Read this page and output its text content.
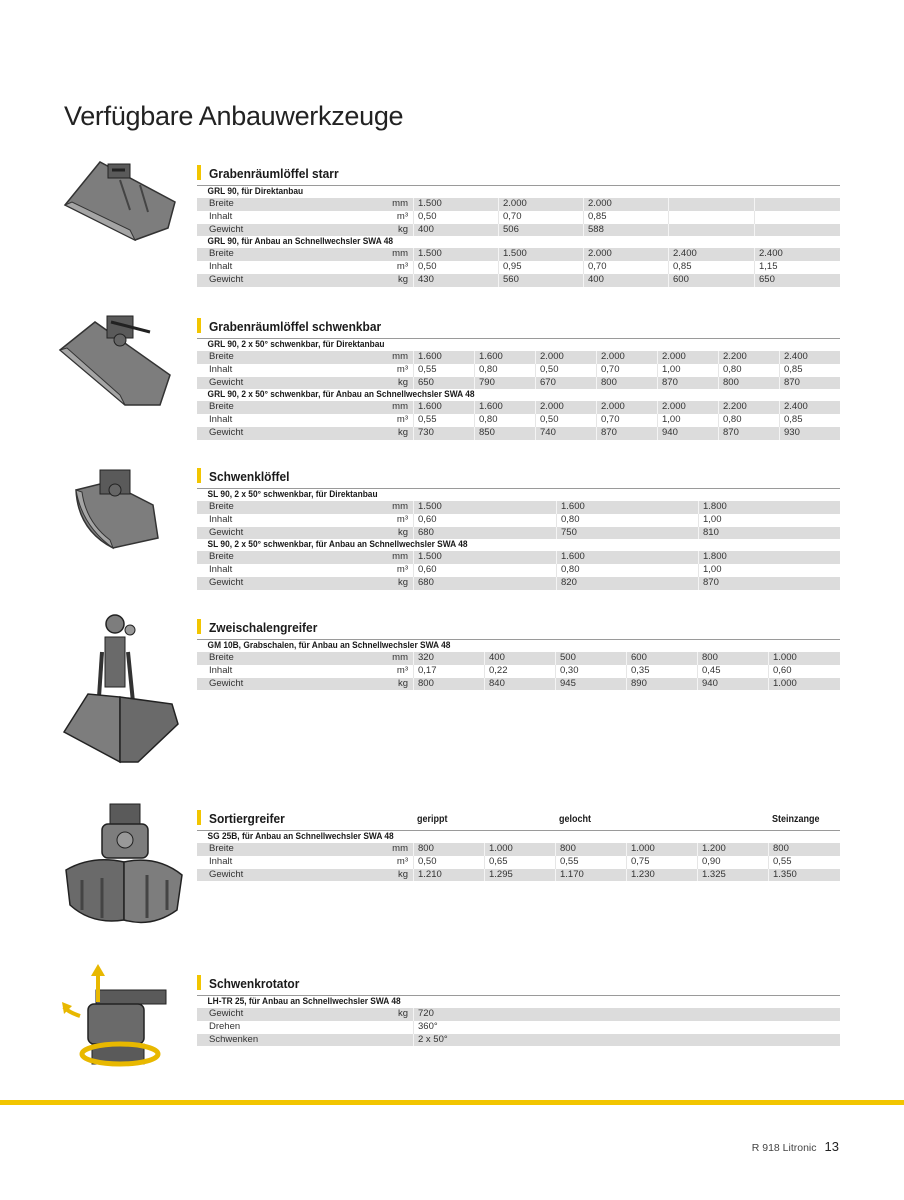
Verfügbare Anbauwerkzeuge
Grabenräumlöffel starr
GRL 90, für Direktanbau
Breite	mm	1.500	2.000	2.000
Inhalt	m³	0,50	0,70	0,85
Gewicht	kg	400	506	588
GRL 90, für Anbau an Schnellwechsler SWA 48
Breite	mm	1.500	1.500	2.000	2.400	2.400
Inhalt	m³	0,50	0,95	0,70	0,85	1,15
Gewicht	kg	430	560	400	600	650
Grabenräumlöffel schwenkbar
GRL 90, 2 x 50° schwenkbar, für Direktanbau
Breite	mm	1.600	1.600	2.000	2.000	2.000	2.200	2.400
Inhalt	m³	0,55	0,80	0,50	0,70	1,00	0,80	0,85
Gewicht	kg	650	790	670	800	870	800	870
GRL 90, 2 x 50° schwenkbar, für Anbau an Schnellwechsler SWA 48
Breite	mm	1.600	1.600	2.000	2.000	2.000	2.200	2.400
Inhalt	m³	0,55	0,80	0,50	0,70	1,00	0,80	0,85
Gewicht	kg	730	850	740	870	940	870	930
Schwenklöffel
SL 90, 2 x 50° schwenkbar, für Direktanbau
Breite	mm	1.500	1.600	1.800
Inhalt	m³	0,60	0,80	1,00
Gewicht	kg	680	750	810
SL 90, 2 x 50° schwenkbar, für Anbau an Schnellwechsler SWA 48
Breite	mm	1.500	1.600	1.800
Inhalt	m³	0,60	0,80	1,00
Gewicht	kg	680	820	870
Zweischalengreifer
GM 10B, Grabschalen, für Anbau an Schnellwechsler SWA 48
Breite	mm	320	400	500	600	800	1.000
Inhalt	m³	0,17	0,22	0,30	0,35	0,45	0,60
Gewicht	kg	800	840	945	890	940	1.000
Sortiergreifer	gerippt	gelocht	Steinzange
SG 25B, für Anbau an Schnellwechsler SWA 48
Breite	mm	800	1.000	800	1.000	1.200	800
Inhalt	m³	0,50	0,65	0,55	0,75	0,90	0,55
Gewicht	kg	1.210	1.295	1.170	1.230	1.325	1.350
Schwenkrotator
LH-TR 25, für Anbau an Schnellwechsler SWA 48
Gewicht	kg	720
Drehen	360°
Schwenken	2 x 50°
R 918 Litronic 13
